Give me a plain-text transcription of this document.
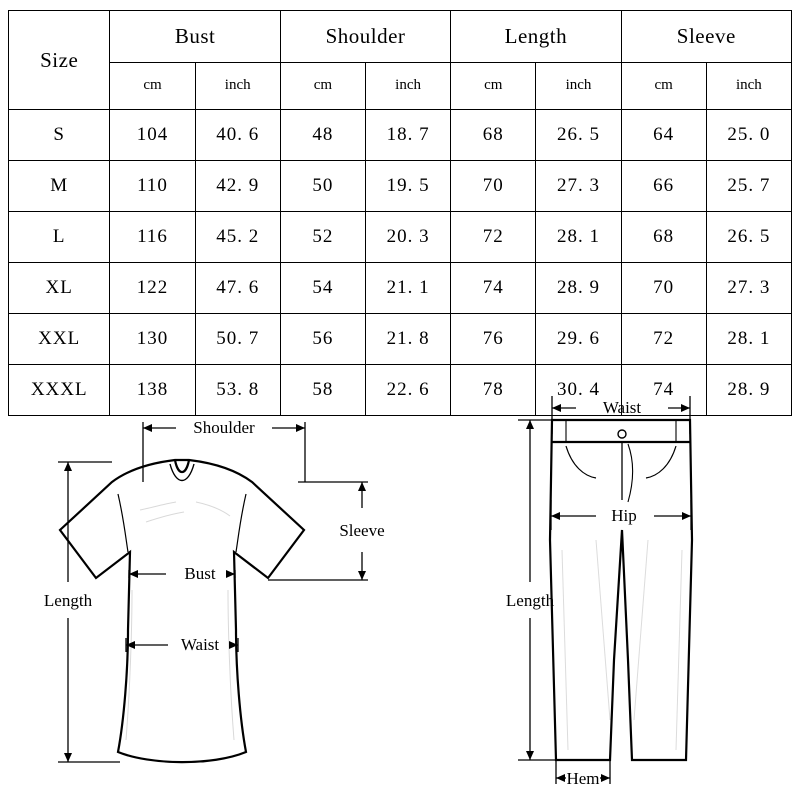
Size	Bust		Shoulder		Length		Sleeve	
	cm	inch	cm	inch	cm	inch	cm	inch
S	104	40. 6	48	18. 7	68	26. 5	64	25. 0
M	110	42. 9	50	19. 5	70	27. 3	66	25. 7
L	116	45. 2	52	20. 3	72	28. 1	68	26. 5
XL	122	47. 6	54	21. 1	74	28. 9	70	27. 3
XXL	130	50. 7	56	21. 8	76	29. 6	72	28. 1
XXXL	138	53. 8	58	22. 6	78	30. 4	74	28. 9
Shoulder
Sleeve
Bust
Waist
Length
Waist
Hip
Length
Hem
